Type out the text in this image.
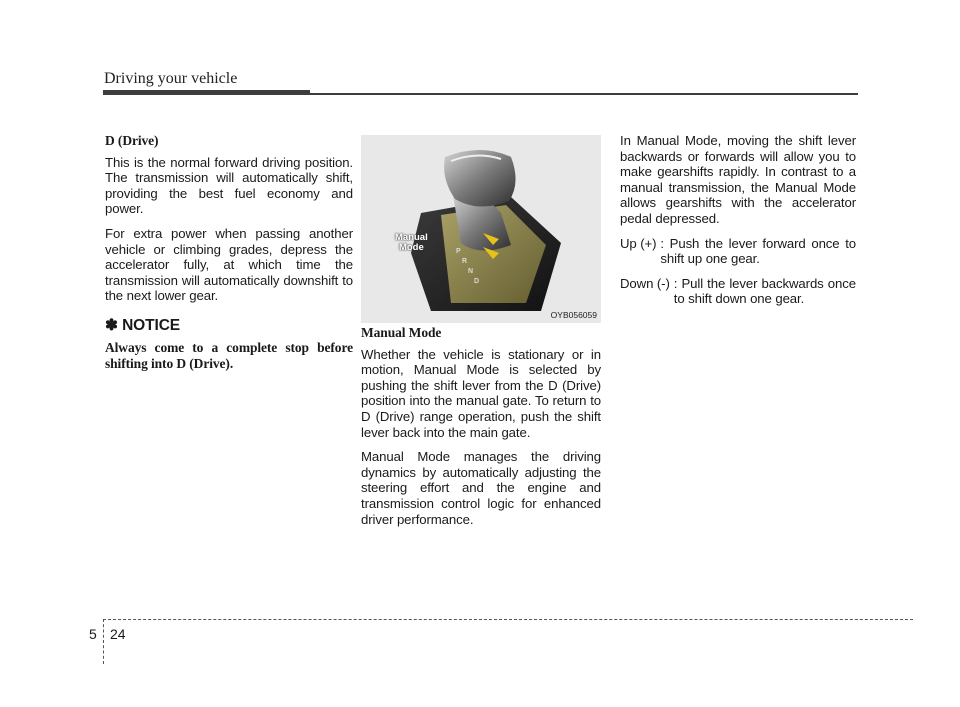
Driving your vehicle
D (Drive)

This is the normal forward driving position. The transmission will automatically shift, providing the best fuel economy and power.

For extra power when passing another vehicle or climbing grades, depress the accelerator fully, at which time the transmission will automatically downshift to the next lower gear.

✽ NOTICE
Always come to a complete stop before shifting into D (Drive).
P
R
N
D
Manual
Mode
OYB056059
Manual Mode

Whether the vehicle is stationary or in motion, Manual Mode is selected by pushing the shift lever from the D (Drive) position into the manual gate. To return to D (Drive) range operation, push the shift lever back into the main gate.

Manual Mode manages the driving dynamics by automatically adjusting the steering effort and the engine and transmission control logic for enhanced driver performance.

In Manual Mode, moving the shift lever backwards or forwards will allow you to make gearshifts rapidly. In contrast to a manual transmission, the Manual Mode allows gearshifts with the accelerator pedal depressed.

Up (+) : Push the lever forward once to shift up one gear.
Down (-) : Pull the lever backwards once to shift down one gear.
5 24
